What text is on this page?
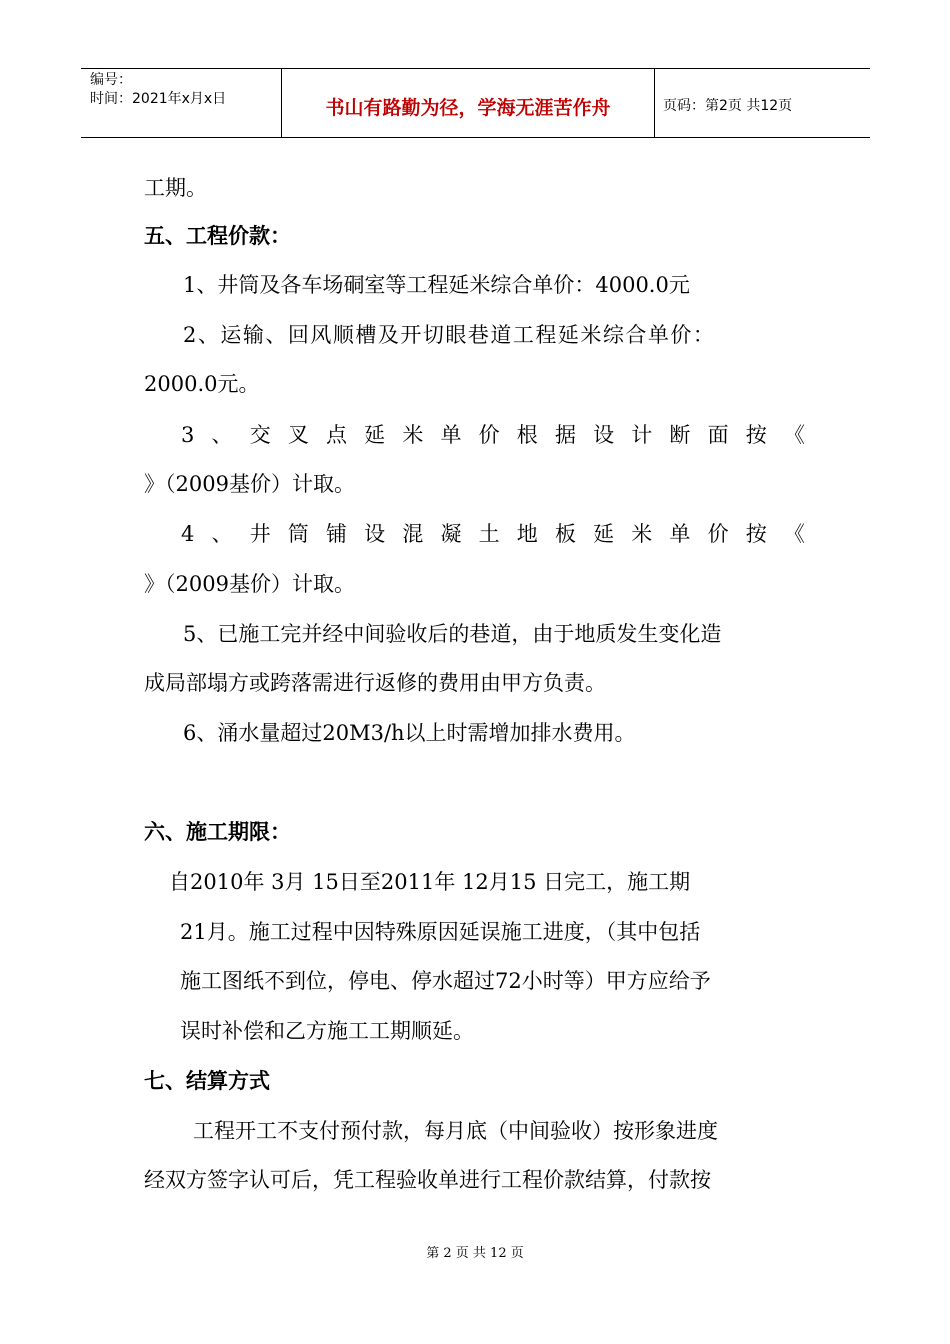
编号：
时间：2021年x月x日	书山有路勤为径，学海无涯苦作舟	页码：第2页 共12页
工期。
五、工程价款：
1、井筒及各车场硐室等工程延米综合单价：4000.0元
2、运输、回风顺槽及开切眼巷道工程延米综合单价：
2000.0元。
3 、 交 叉 点 延 米 单 价 根 据 设 计 断 面 按 《
》（2009基价）计取。
4 、 井 筒 铺 设 混 凝 土 地 板 延 米 单 价 按 《
》（2009基价）计取。
5、已施工完并经中间验收后的巷道，由于地质发生变化造
成局部塌方或跨落需进行返修的费用由甲方负责。
6、涌水量超过20M3/h以上时需增加排水费用。
六、施工期限：
自2010年 3月 15日至2011年 12月15 日完工，施工期
21月。施工过程中因特殊原因延误施工进度，（其中包括
施工图纸不到位，停电、停水超过72小时等）甲方应给予
误时补偿和乙方施工工期顺延。
七、结算方式
工程开工不支付预付款，每月底（中间验收）按形象进度
经双方签字认可后，凭工程验收单进行工程价款结算，付款按
第 2 页 共 12 页
